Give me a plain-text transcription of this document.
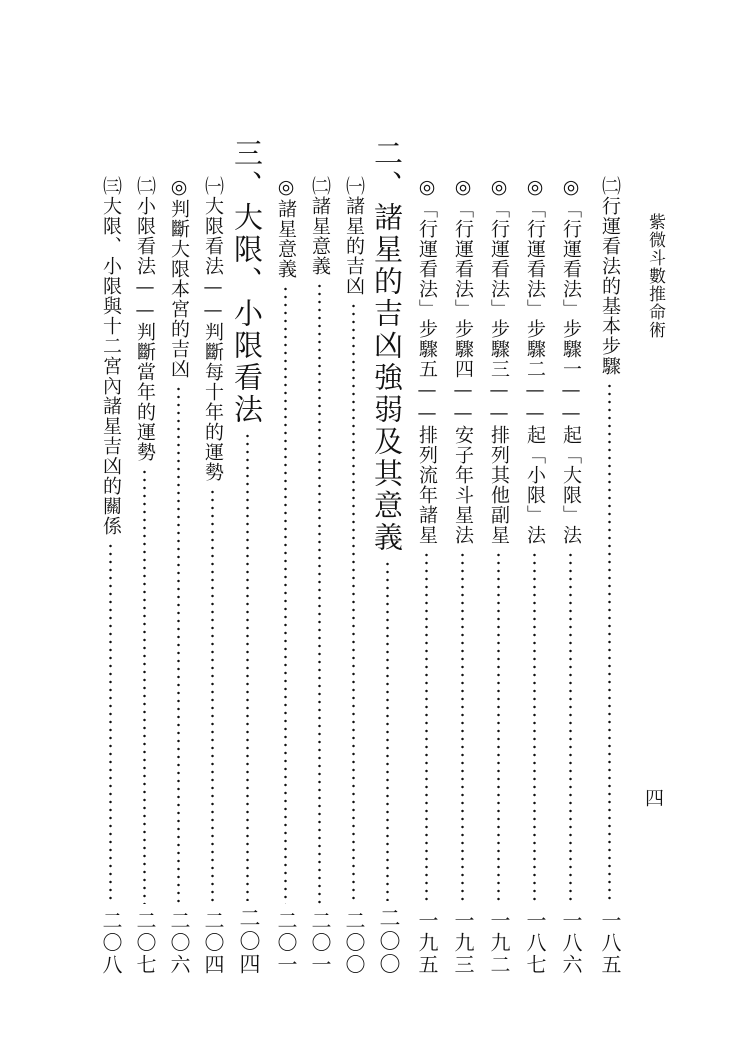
紫微斗數推命術
四
㈡行運看法的基本步驟
一八五
◎「行運看法」步驟一——起「大限」法
一八六
◎「行運看法」步驟二——起「小限」法
一八七
◎「行運看法」步驟三——排列其他副星
一九二
◎「行運看法」步驟四——安子年斗星法
一九三
◎「行運看法」步驟五——排列流年諸星
一九五
二、諸星的吉凶強弱及其意義
二〇〇
㈠諸星的吉凶
二〇〇
㈡諸星意義
二〇一
◎諸星意義
二〇一
三、大限、小限看法
二〇四
㈠大限看法——判斷每十年的運勢
二〇四
◎判斷大限本宮的吉凶
二〇六
㈡小限看法——判斷當年的運勢
二〇七
㈢大限、小限與十二宮內諸星吉凶的關係
二〇八
